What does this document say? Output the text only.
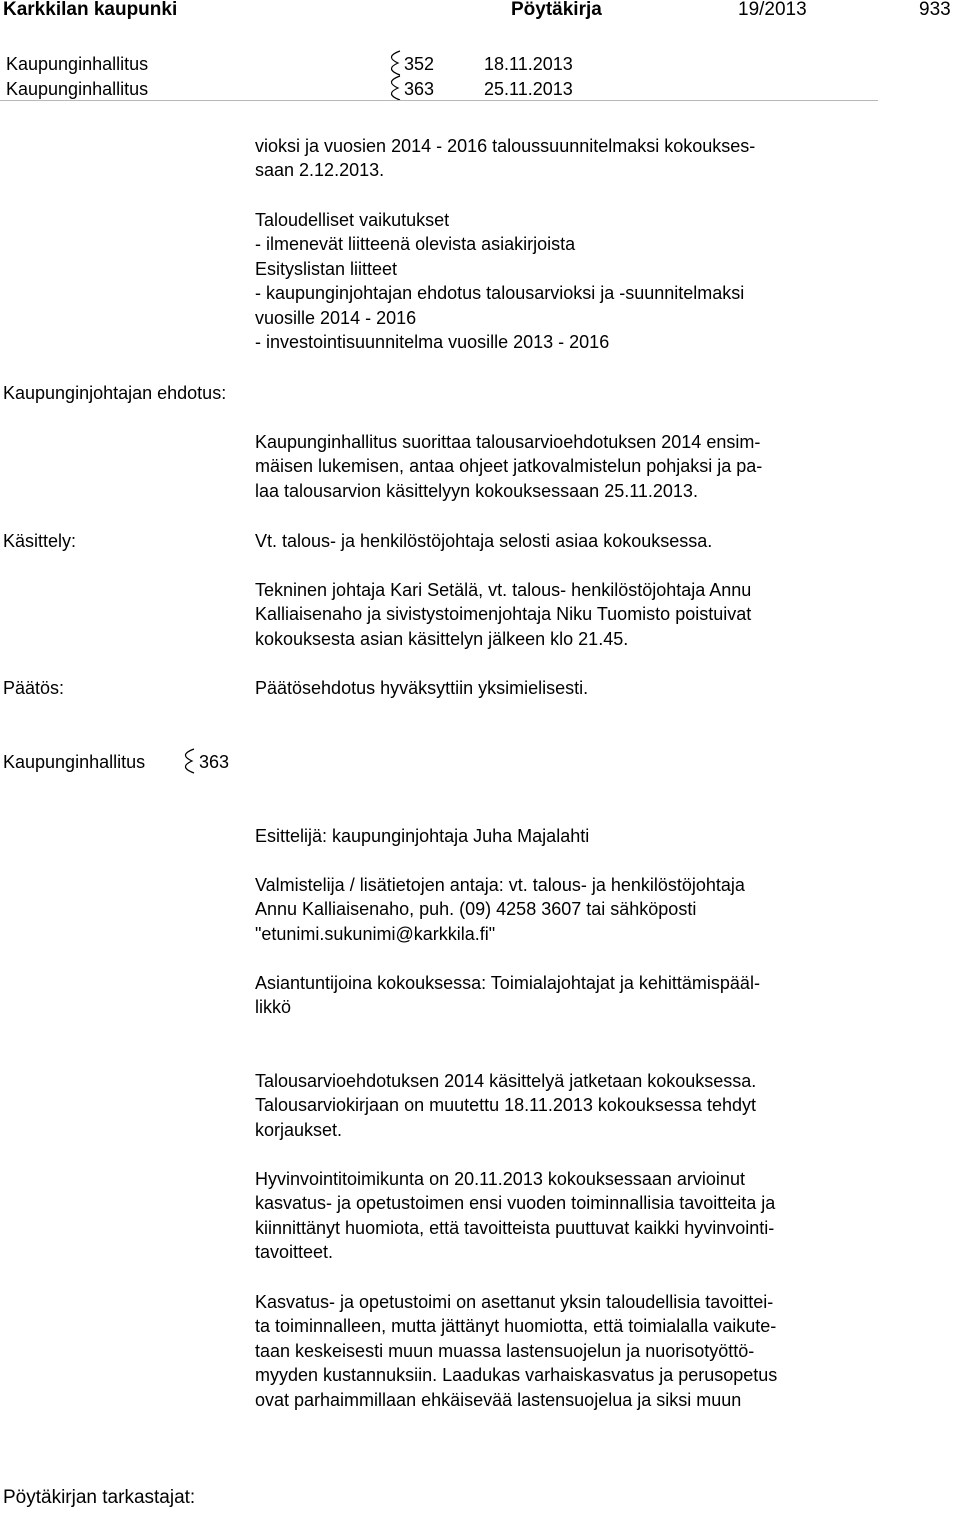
Karkkilan kaupunki	Pöytäkirja	19/2013	933
Kaupunginhallitus	352	18.11.2013
Kaupunginhallitus	363	25.11.2013
vioksi ja vuosien 2014 - 2016 taloussuunnitelmaksi kokoukses-
saan 2.12.2013.
Taloudelliset vaikutukset
- ilmenevät liitteenä olevista asiakirjoista
Esityslistan liitteet
- kaupunginjohtajan ehdotus talousarvioksi ja -suunnitelmaksi
vuosille 2014 - 2016
- investointisuunnitelma vuosille 2013 - 2016
Kaupunginjohtajan ehdotus:
Kaupunginhallitus suorittaa talousarvioehdotuksen 2014 ensim-
mäisen lukemisen, antaa ohjeet jatkovalmistelun pohjaksi ja pa-
laa talousarvion käsittelyyn kokouksessaan 25.11.2013.
Käsittely:	Vt. talous- ja henkilöstöjohtaja selosti asiaa kokouksessa.
Tekninen johtaja Kari Setälä, vt. talous- henkilöstöjohtaja Annu
Kalliaisenaho ja sivistystoimenjohtaja Niku Tuomisto poistuivat
kokouksesta asian käsittelyn jälkeen klo 21.45.
Päätös:	Päätösehdotus hyväksyttiin yksimielisesti.
Kaupunginhallitus	363
Esittelijä: kaupunginjohtaja Juha Majalahti
Valmistelija / lisätietojen antaja: vt. talous- ja henkilöstöjohtaja
Annu Kalliaisenaho, puh. (09) 4258 3607 tai sähköposti
"etunimi.sukunimi@karkkila.fi"
Asiantuntijoina kokouksessa: Toimialajohtajat ja kehittämispääl-
likkö
Talousarvioehdotuksen 2014 käsittelyä jatketaan kokouksessa.
Talousarviokirjaan on muutettu 18.11.2013 kokouksessa tehdyt
korjaukset.
Hyvinvointitoimikunta on 20.11.2013 kokouksessaan arvioinut
kasvatus- ja opetustoimen ensi vuoden toiminnallisia tavoitteita ja
kiinnittänyt huomiota, että tavoitteista puuttuvat kaikki hyvinvointi-
tavoitteet.
Kasvatus- ja opetustoimi on asettanut yksin taloudellisia tavoittei-
ta toiminnalleen, mutta jättänyt huomiotta, että toimialalla vaikute-
taan keskeisesti muun muassa lastensuojelun ja nuorisotyöttö-
myyden kustannuksiin. Laadukas varhaiskasvatus ja perusopetus
ovat parhaimmillaan ehkäisevää lastensuojelua ja siksi muun
Pöytäkirjan tarkastajat:
